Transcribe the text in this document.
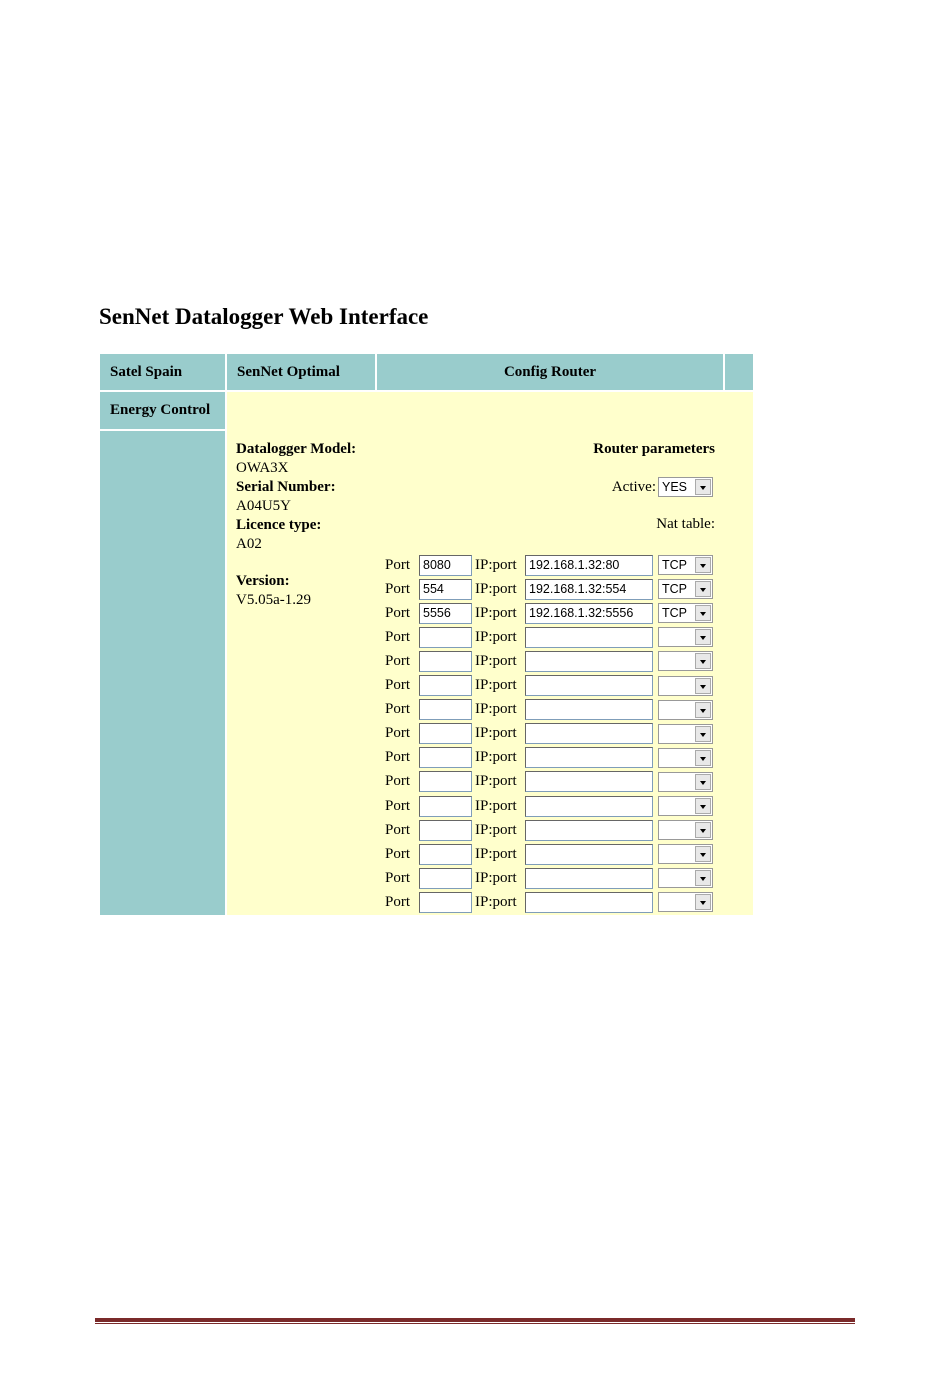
SenNet Datalogger Web Interface
Satel Spain	SenNet Optimal	Config Router
Energy Control
Datalogger Model:
OWA3X
Serial Number:
A04U5Y
Licence type:
A02
Version:
V5.05a-1.29
Router parameters
Active: YES
Nat table:
Port	8080	IP:port 192.168.1.32:80	TCP
Port	554	IP:port 192.168.1.32:554	TCP
Port	5556	IP:port 192.168.1.32:5556	TCP
Port	IP:port
Port	IP:port
Port	IP:port
Port	IP:port
Port	IP:port
Port	IP:port
Port	IP:port
Port	IP:port
Port	IP:port
Port	IP:port
Port	IP:port
Port	IP:port
